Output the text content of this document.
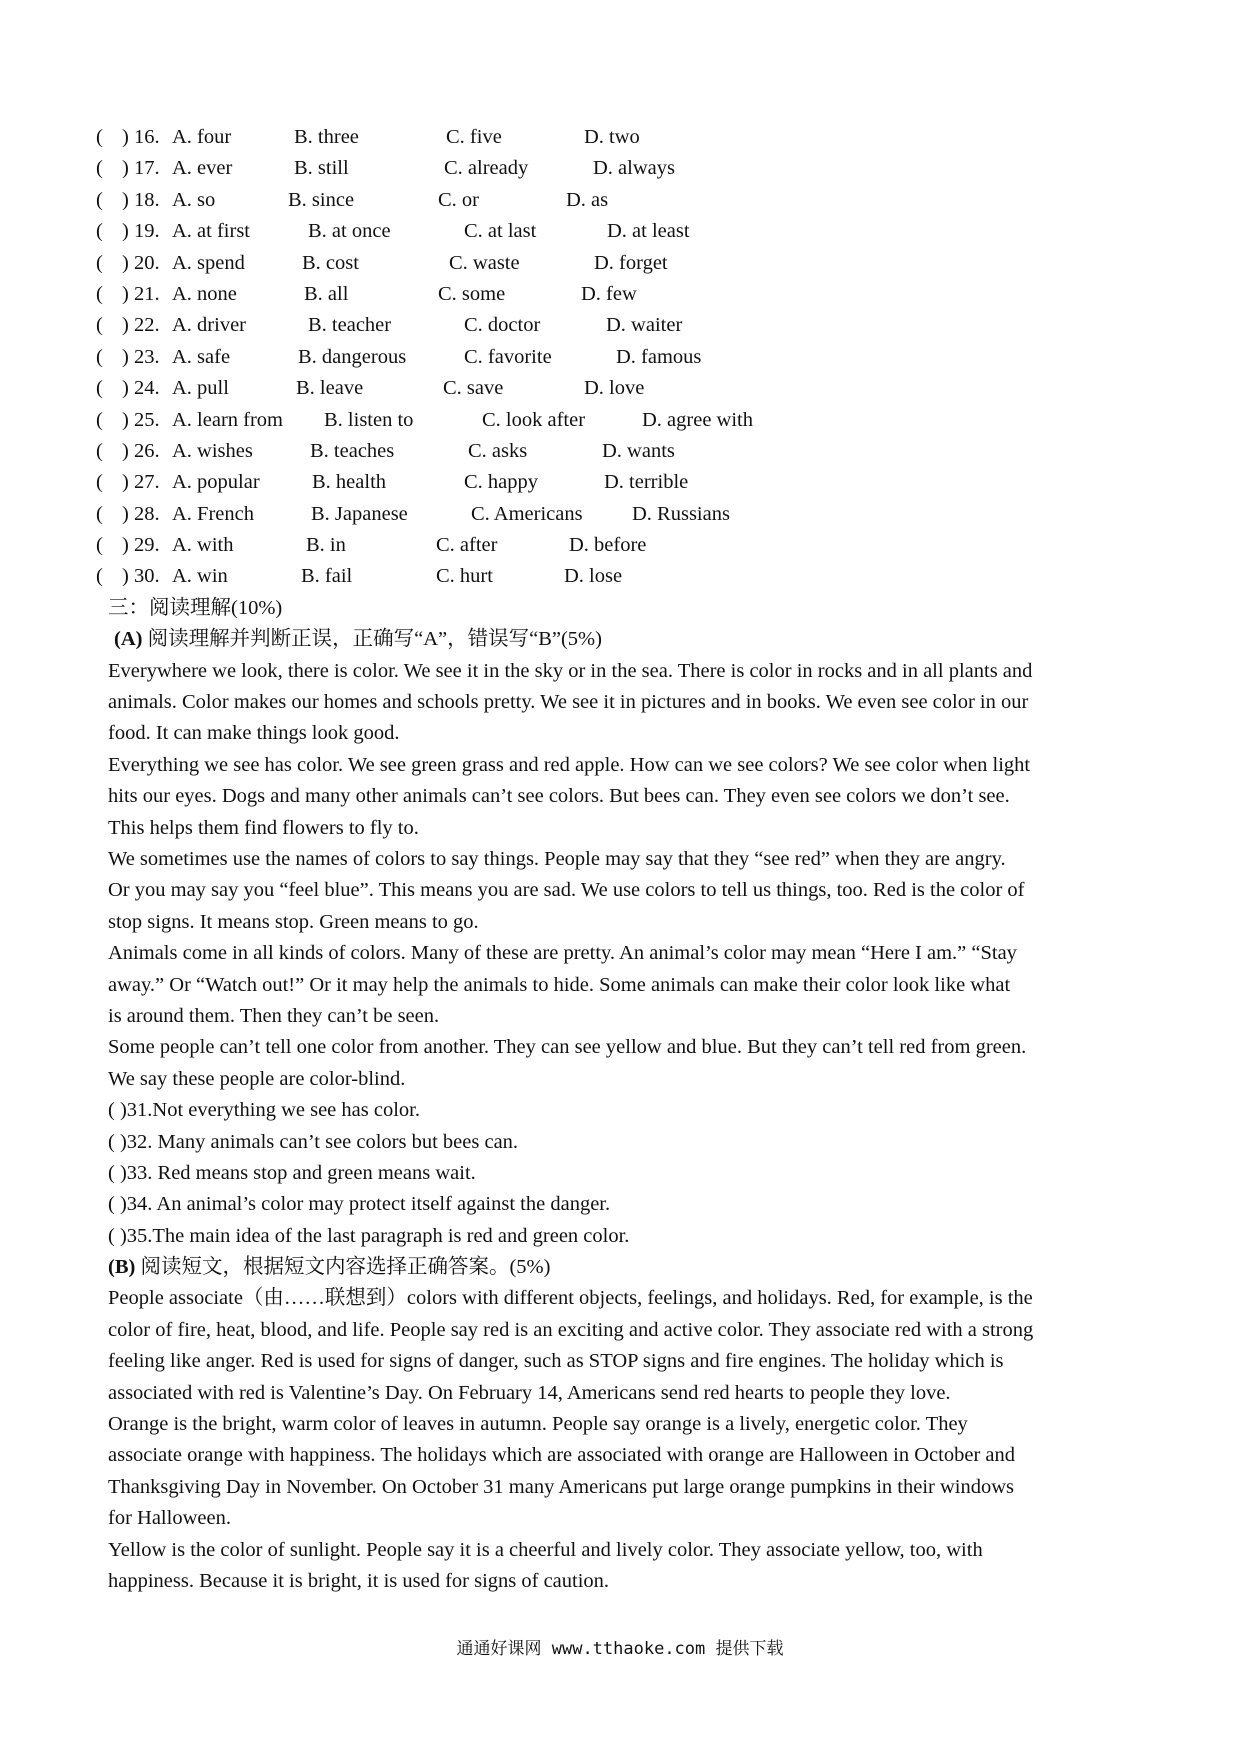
( ) 16. A. four	B. three	C. five	D. two
( ) 17. A. ever	B. still	C. already	D. always
( ) 18. A. so	B. since	C. or	D. as
( ) 19. A. at first	B. at once	C. at last	D. at least
( ) 20. A. spend	B. cost	C. waste	D. forget
( ) 21. A. none	B. all	C. some	D. few
( ) 22. A. driver	B. teacher	C. doctor	D. waiter
( ) 23. A. safe	B. dangerous	C. favorite	D. famous
( ) 24. A. pull	B. leave	C. save	D. love
( ) 25. A. learn from B. listen to	C. look after	D. agree with
( ) 26. A. wishes	B. teaches	C. asks	D. wants
( ) 27. A. popular	B. health	C. happy	D. terrible
( ) 28. A. French	B. Japanese	C. Americans D. Russians
( ) 29. A. with	B. in	C. after	D. before
( ) 30. A. win	B. fail	C. hurt	D. lose
三：阅读理解(10%)
(A) 阅读理解并判断正误，正确写“A”，错误写“B”(5%)
Everywhere we look, there is color. We see it in the sky or in the sea. There is color in rocks and in all plants and
animals. Color makes our homes and schools pretty. We see it in pictures and in books. We even see color in our
food. It can make things look good.
Everything we see has color. We see green grass and red apple. How can we see colors? We see color when light
hits our eyes. Dogs and many other animals can’t see colors. But bees can. They even see colors we don’t see.
This helps them find flowers to fly to.
We sometimes use the names of colors to say things. People may say that they “see red” when they are angry.
Or you may say you “feel blue”. This means you are sad. We use colors to tell us things, too. Red is the color of
stop signs. It means stop. Green means to go.
Animals come in all kinds of colors. Many of these are pretty. An animal’s color may mean “Here I am.” “Stay
away.” Or “Watch out!” Or it may help the animals to hide. Some animals can make their color look like what
is around them. Then they can’t be seen.
Some people can’t tell one color from another. They can see yellow and blue. But they can’t tell red from green.
We say these people are color-blind.
( )31.Not everything we see has color.
( )32. Many animals can’t see colors but bees can.
( )33. Red means stop and green means wait.
( )34. An animal’s color may protect itself against the danger.
( )35.The main idea of the last paragraph is red and green color.
(B) 阅读短文，根据短文内容选择正确答案。(5%)
People associate（由……联想到）colors with different objects, feelings, and holidays. Red, for example, is the
color of fire, heat, blood, and life. People say red is an exciting and active color. They associate red with a strong
feeling like anger. Red is used for signs of danger, such as STOP signs and fire engines. The holiday which is
associated with red is Valentine’s Day. On February 14, Americans send red hearts to people they love.
Orange is the bright, warm color of leaves in autumn. People say orange is a lively, energetic color. They
associate orange with happiness. The holidays which are associated with orange are Halloween in October and
Thanksgiving Day in November. On October 31 many Americans put large orange pumpkins in their windows
for Halloween.
Yellow is the color of sunlight. People say it is a cheerful and lively color. They associate yellow, too, with
happiness. Because it is bright, it is used for signs of caution.
通通好课网 www.tthaoke.com 提供下载
